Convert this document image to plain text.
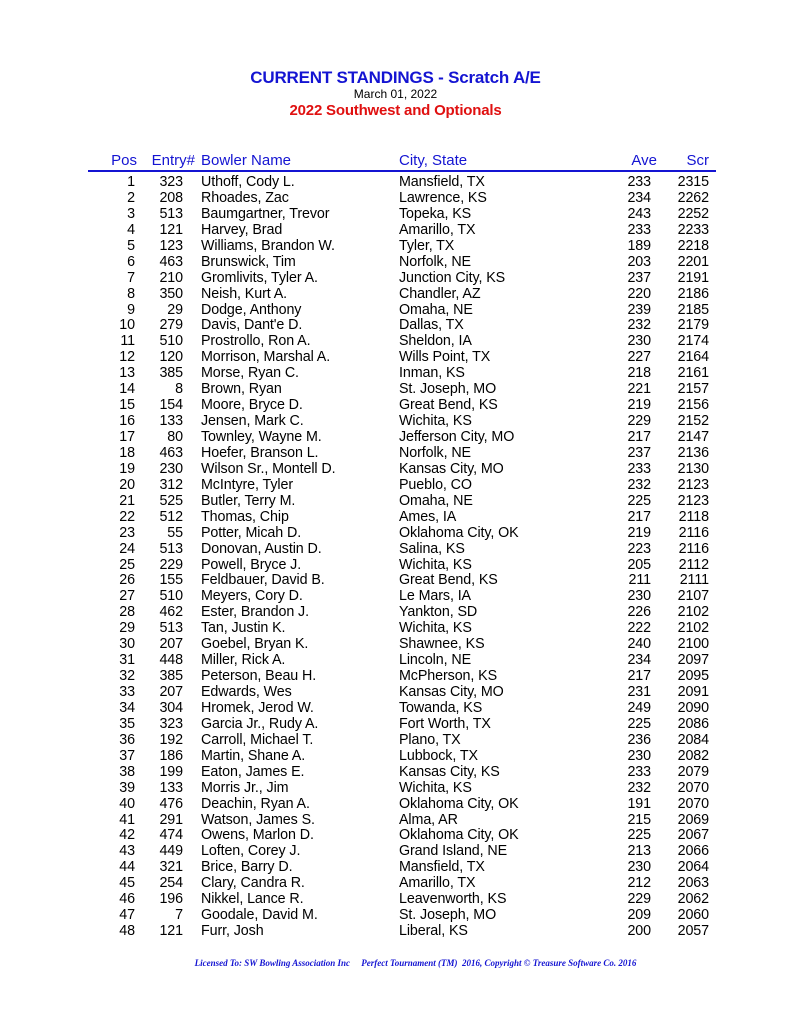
CURRENT STANDINGS - Scratch A/E
March 01, 2022
2022 Southwest and Optionals
Pos Entry# Bowler Name	City, State	Ave Scr
1 323 Uthoff, Cody L.	Mansfield, TX	233 2315
2 208 Rhoades, Zac	Lawrence, KS	234 2262
3 513 Baumgartner, Trevor	Topeka, KS	243 2252
4 121 Harvey, Brad	Amarillo, TX	233 2233
5 123 Williams, Brandon W.	Tyler, TX	189 2218
6 463 Brunswick, Tim	Norfolk, NE	203 2201
7 210 Gromlivits, Tyler A.	Junction City, KS	237 2191
8 350 Neish, Kurt A.	Chandler, AZ	220 2186
9 29 Dodge, Anthony	Omaha, NE	239 2185
10 279 Davis, Dant'e D.	Dallas, TX	232 2179
11 510 Prostrollo, Ron A.	Sheldon, IA	230 2174
12 120 Morrison, Marshal A.	Wills Point, TX	227 2164
13 385 Morse, Ryan C.	Inman, KS	218 2161
14	8 Brown, Ryan	St. Joseph, MO	221 2157
15 154 Moore, Bryce D.	Great Bend, KS	219 2156
16 133 Jensen, Mark C.	Wichita, KS	229 2152
17 80 Townley, Wayne M.	Jefferson City, MO	217 2147
18 463 Hoefer, Branson L.	Norfolk, NE	237 2136
19 230 Wilson Sr., Montell D.	Kansas City, MO	233 2130
20 312 McIntyre, Tyler	Pueblo, CO	232 2123
21 525 Butler, Terry M.	Omaha, NE	225 2123
22 512 Thomas, Chip	Ames, IA	217 2118
23 55 Potter, Micah D.	Oklahoma City, OK	219 2116
24 513 Donovan, Austin D.	Salina, KS	223 2116
25 229 Powell, Bryce J.	Wichita, KS	205 2112
26 155 Feldbauer, David B.	Great Bend, KS	211 2111
27 510 Meyers, Cory D.	Le Mars, IA	230 2107
28 462 Ester, Brandon J.	Yankton, SD	226 2102
29 513 Tan, Justin K.	Wichita, KS	222 2102
30 207 Goebel, Bryan K.	Shawnee, KS	240 2100
31 448 Miller, Rick A.	Lincoln, NE	234 2097
32 385 Peterson, Beau H.	McPherson, KS	217 2095
33 207 Edwards, Wes	Kansas City, MO	231 2091
34 304 Hromek, Jerod W.	Towanda, KS	249 2090
35 323 Garcia Jr., Rudy A.	Fort Worth, TX	225 2086
36 192 Carroll, Michael T.	Plano, TX	236 2084
37 186 Martin, Shane A.	Lubbock, TX	230 2082
38 199 Eaton, James E.	Kansas City, KS	233 2079
39 133 Morris Jr., Jim	Wichita, KS	232 2070
40 476 Deachin, Ryan A.	Oklahoma City, OK	191 2070
41 291 Watson, James S.	Alma, AR	215 2069
42 474 Owens, Marlon D.	Oklahoma City, OK	225 2067
43 449 Loften, Corey J.	Grand Island, NE	213 2066
44 321 Brice, Barry D.	Mansfield, TX	230 2064
45 254 Clary, Candra R.	Amarillo, TX	212 2063
46 196 Nikkel, Lance R.	Leavenworth, KS	229 2062
47	7 Goodale, David M.	St. Joseph, MO	209 2060
48 121 Furr, Josh	Liberal, KS	200 2057
Licensed To: SW Bowling Association Inc     Perfect Tournament (TM)  2016, Copyright © Treasure Software Co. 2016
